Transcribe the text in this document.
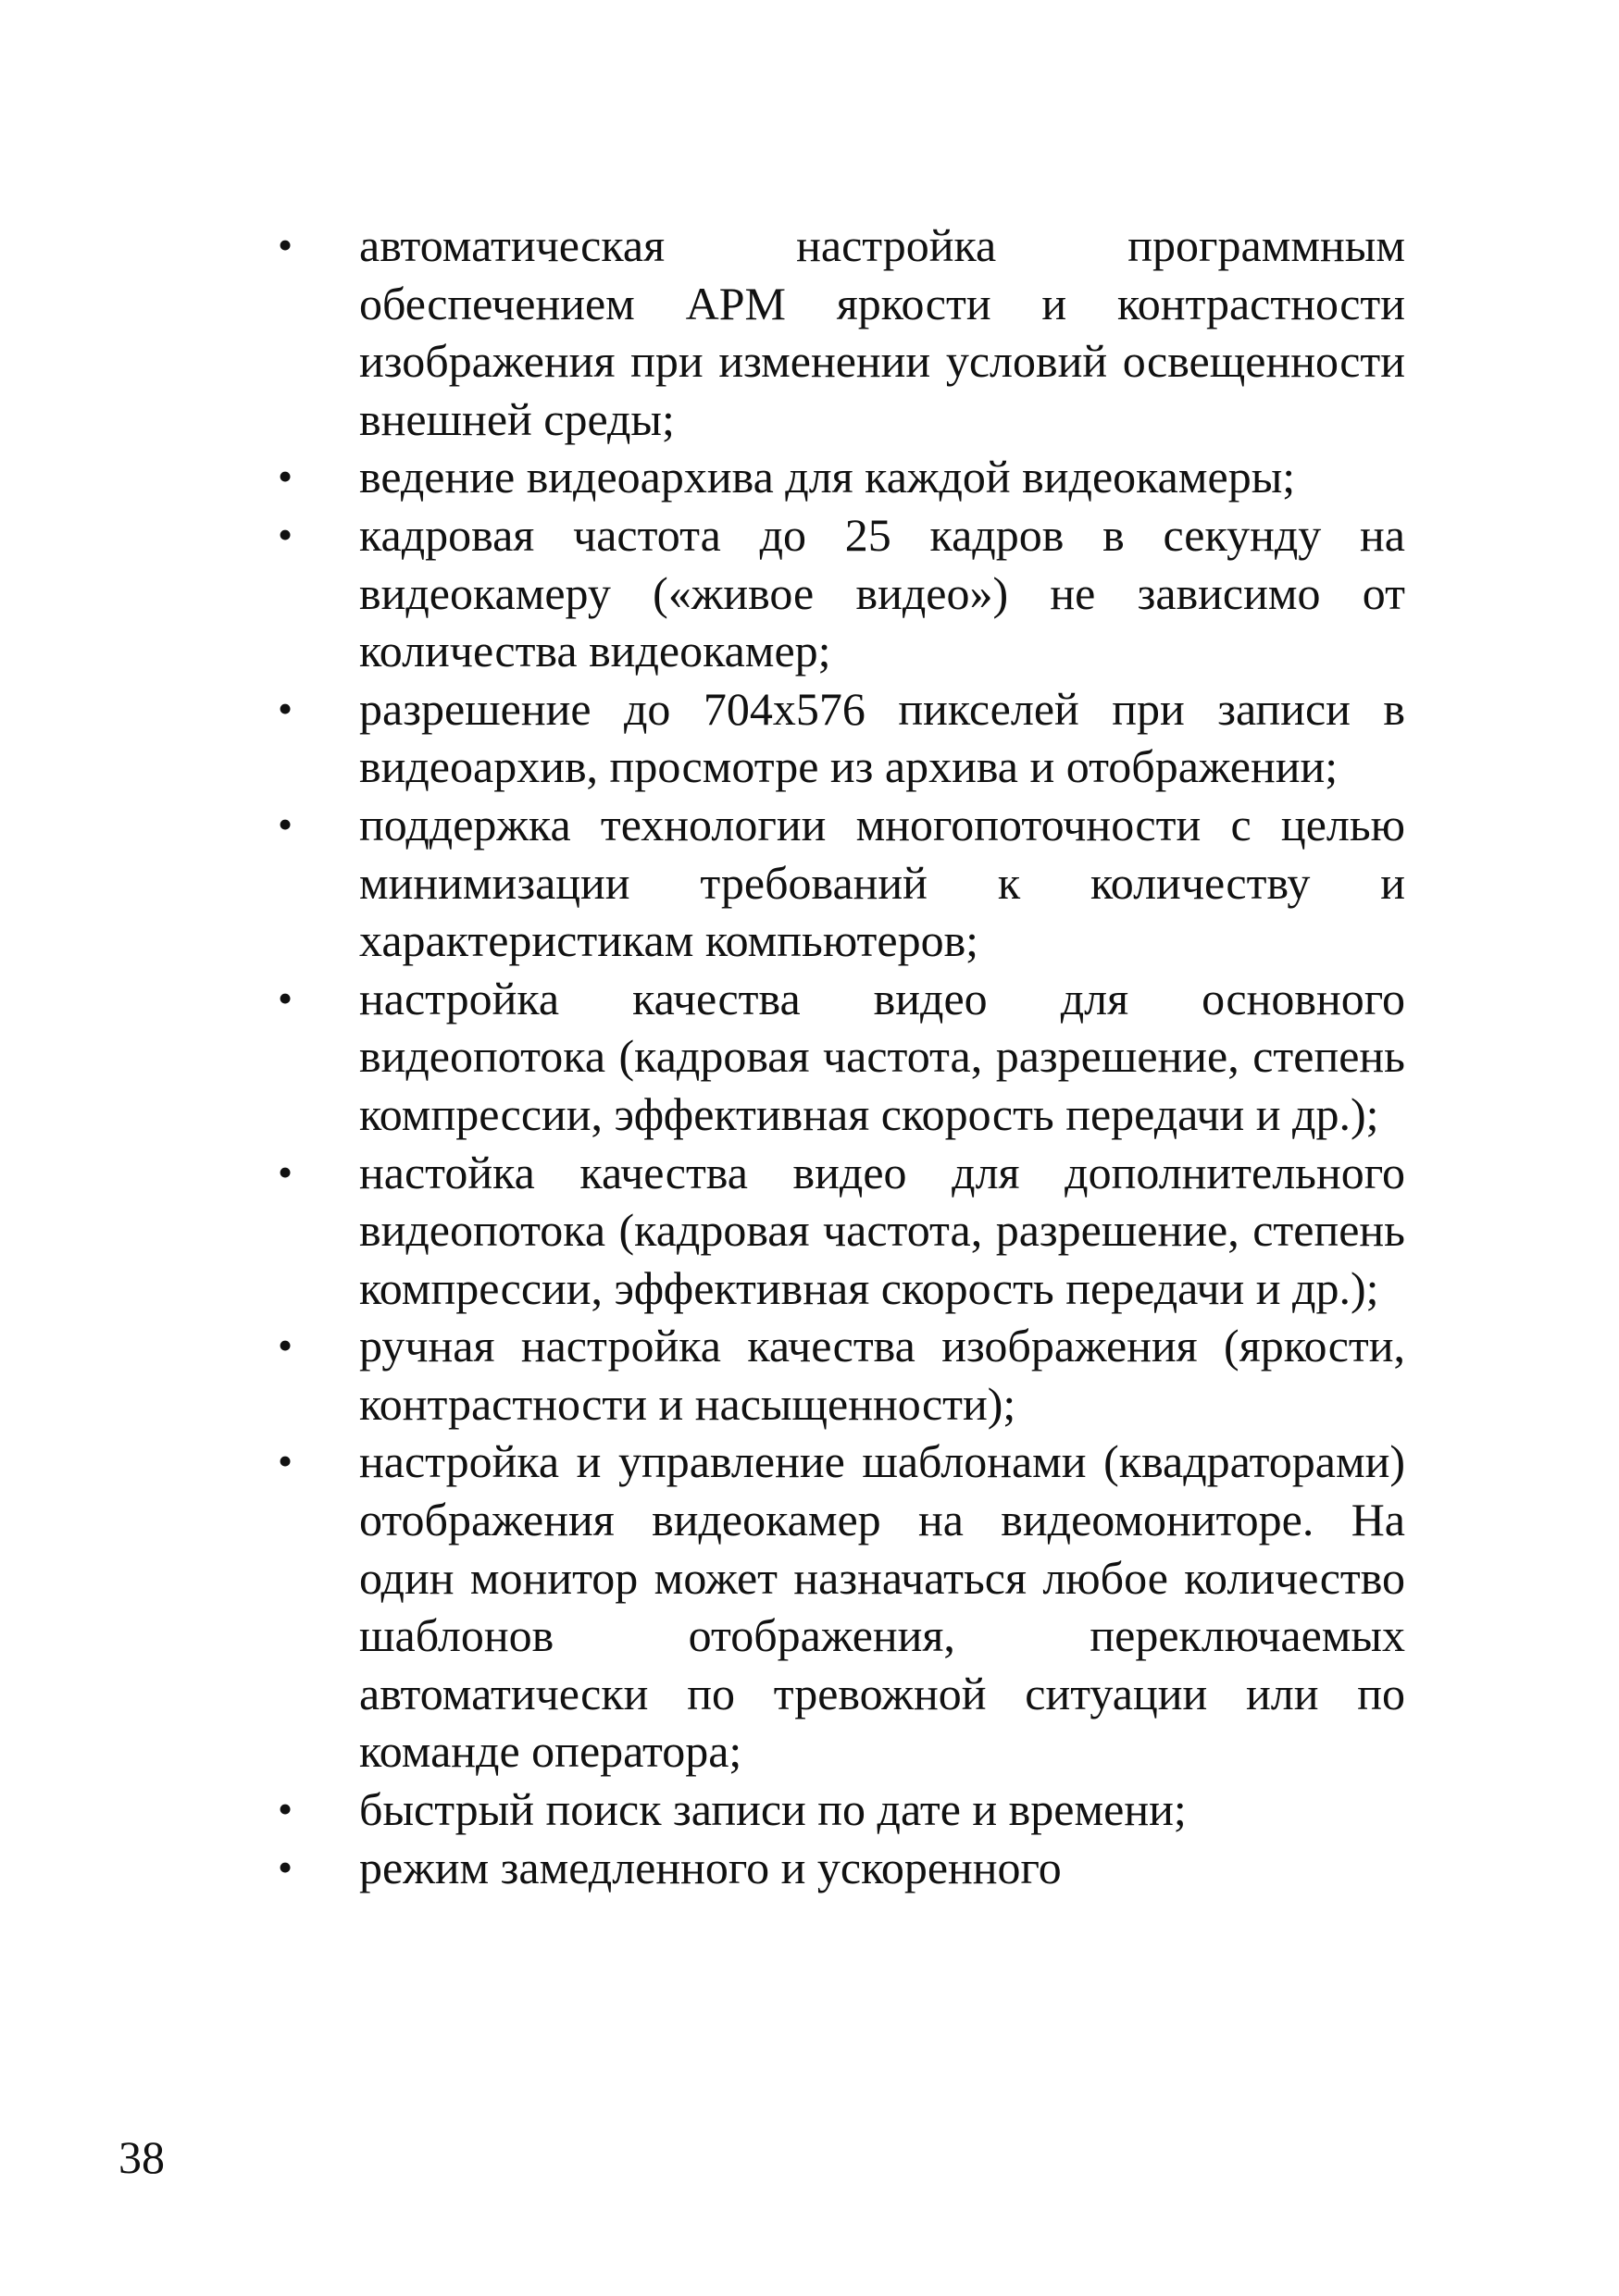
• автоматическая настройка программным обеспечением АРМ яркости и контрастности изображения при изменении условий освещенности внешней среды;
• ведение видеоархива для каждой видеокамеры;
• кадровая частота до 25 кадров в секунду на видеокамеру («живое видео») не зависимо от количества видеокамер;
• разрешение до 704x576 пикселей при записи в видеоархив, просмотре из архива и отображении;
• поддержка технологии многопоточности с целью минимизации требований к количеству и характеристикам компьютеров;
• настройка качества видео для основного видеопотока (кадровая частота, разрешение, степень компрессии, эффективная скорость передачи и др.);
• настойка качества видео для дополнительного видеопотока (кадровая частота, разрешение, степень компрессии, эффективная скорость передачи и др.);
• ручная настройка качества изображения (яркости, контрастности и насыщенности);
• настройка и управление шаблонами (квадраторами) отображения видеокамер на видеомониторе. На один монитор может назначаться любое количество шаблонов отображения, переключаемых автоматически по тревожной ситуации или по команде оператора;
• быстрый поиск записи по дате и времени;
• режим замедленного и ускоренного
38
